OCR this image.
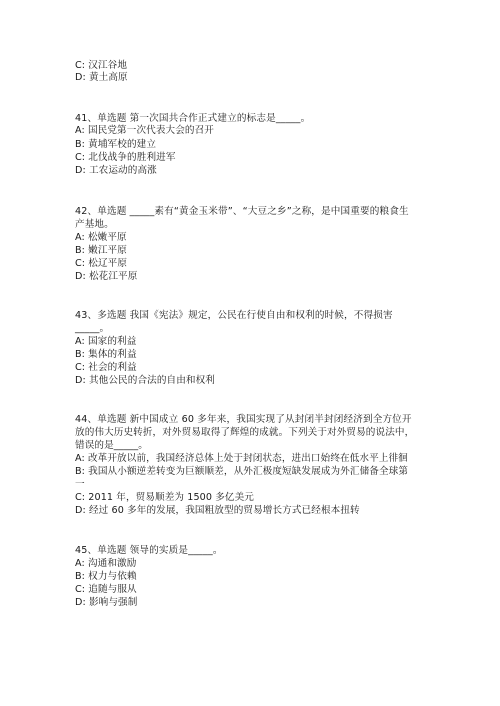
C: 汉江谷地
D: 黄土高原
41、单选题 第一次国共合作正式建立的标志是_____。
A: 国民党第一次代表大会的召开
B: 黄埔军校的建立
C: 北伐战争的胜利进军
D: 工农运动的高涨
42、单选题 _____素有“黄金玉米带”、“大豆之乡”之称，是中国重要的粮食生
产基地。
A: 松嫩平原
B: 嫩江平原
C: 松辽平原
D: 松花江平原
43、多选题 我国《宪法》规定，公民在行使自由和权利的时候，不得损害
_____。
A: 国家的利益
B: 集体的利益
C: 社会的利益
D: 其他公民的合法的自由和权利
44、单选题 新中国成立 60 多年来，我国实现了从封闭半封闭经济到全方位开
放的伟大历史转折，对外贸易取得了辉煌的成就。下列关于对外贸易的说法中，
错误的是_____。
A: 改革开放以前，我国经济总体上处于封闭状态，进出口始终在低水平上徘徊
B: 我国从小额逆差转变为巨额顺差，从外汇极度短缺发展成为外汇储备全球第
一
C: 2011 年，贸易顺差为 1500 多亿美元
D: 经过 60 多年的发展，我国粗放型的贸易增长方式已经根本扭转
45、单选题 领导的实质是_____。
A: 沟通和激励
B: 权力与依赖
C: 追随与服从
D: 影响与强制
